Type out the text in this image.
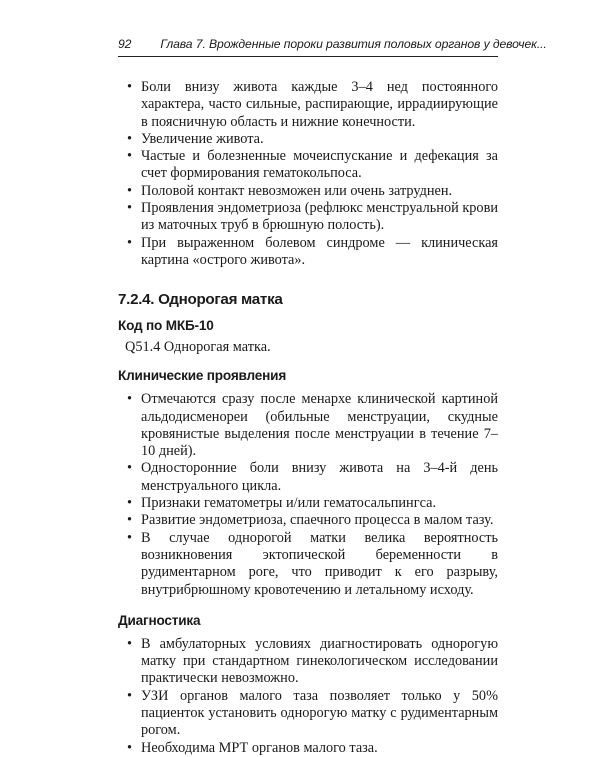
92 Глава 7. Врожденные пороки развития половых органов у девочек...
• Боли внизу живота каждые 3–4 нед постоянного характера, часто сильные, распирающие, иррадиирующие в поясничную область и нижние конечности.
• Увеличение живота.
• Частые и болезненные мочеиспускание и дефекация за счет формирования гематокольпоса.
• Половой контакт невозможен или очень затруднен.
• Проявления эндометриоза (рефлюкс менструальной крови из маточных труб в брюшную полость).
• При выраженном болевом синдроме — клиническая картина «острого живота».
7.2.4. Однорогая матка
Код по МКБ-10
Q51.4 Однорогая матка.
Клинические проявления
• Отмечаются сразу после менархе клинической картиной альдодисменореи (обильные менструации, скудные кровянистые выделения после менструации в течение 7–10 дней).
• Односторонние боли внизу живота на 3–4-й день менструального цикла.
• Признаки гематометры и/или гематосальпингса.
• Развитие эндометриоза, спаечного процесса в малом тазу.
• В случае однорогой матки велика вероятность возникновения эктопической беременности в рудиментарном роге, что приводит к его разрыву, внутрибрюшному кровотечению и летальному исходу.
Диагностика
• В амбулаторных условиях диагностировать однорогую матку при стандартном гинекологическом исследовании практически невозможно.
• УЗИ органов малого таза позволяет только у 50% пациенток установить однорогую матку с рудиментарным рогом.
• Необходима МРТ органов малого таза.
